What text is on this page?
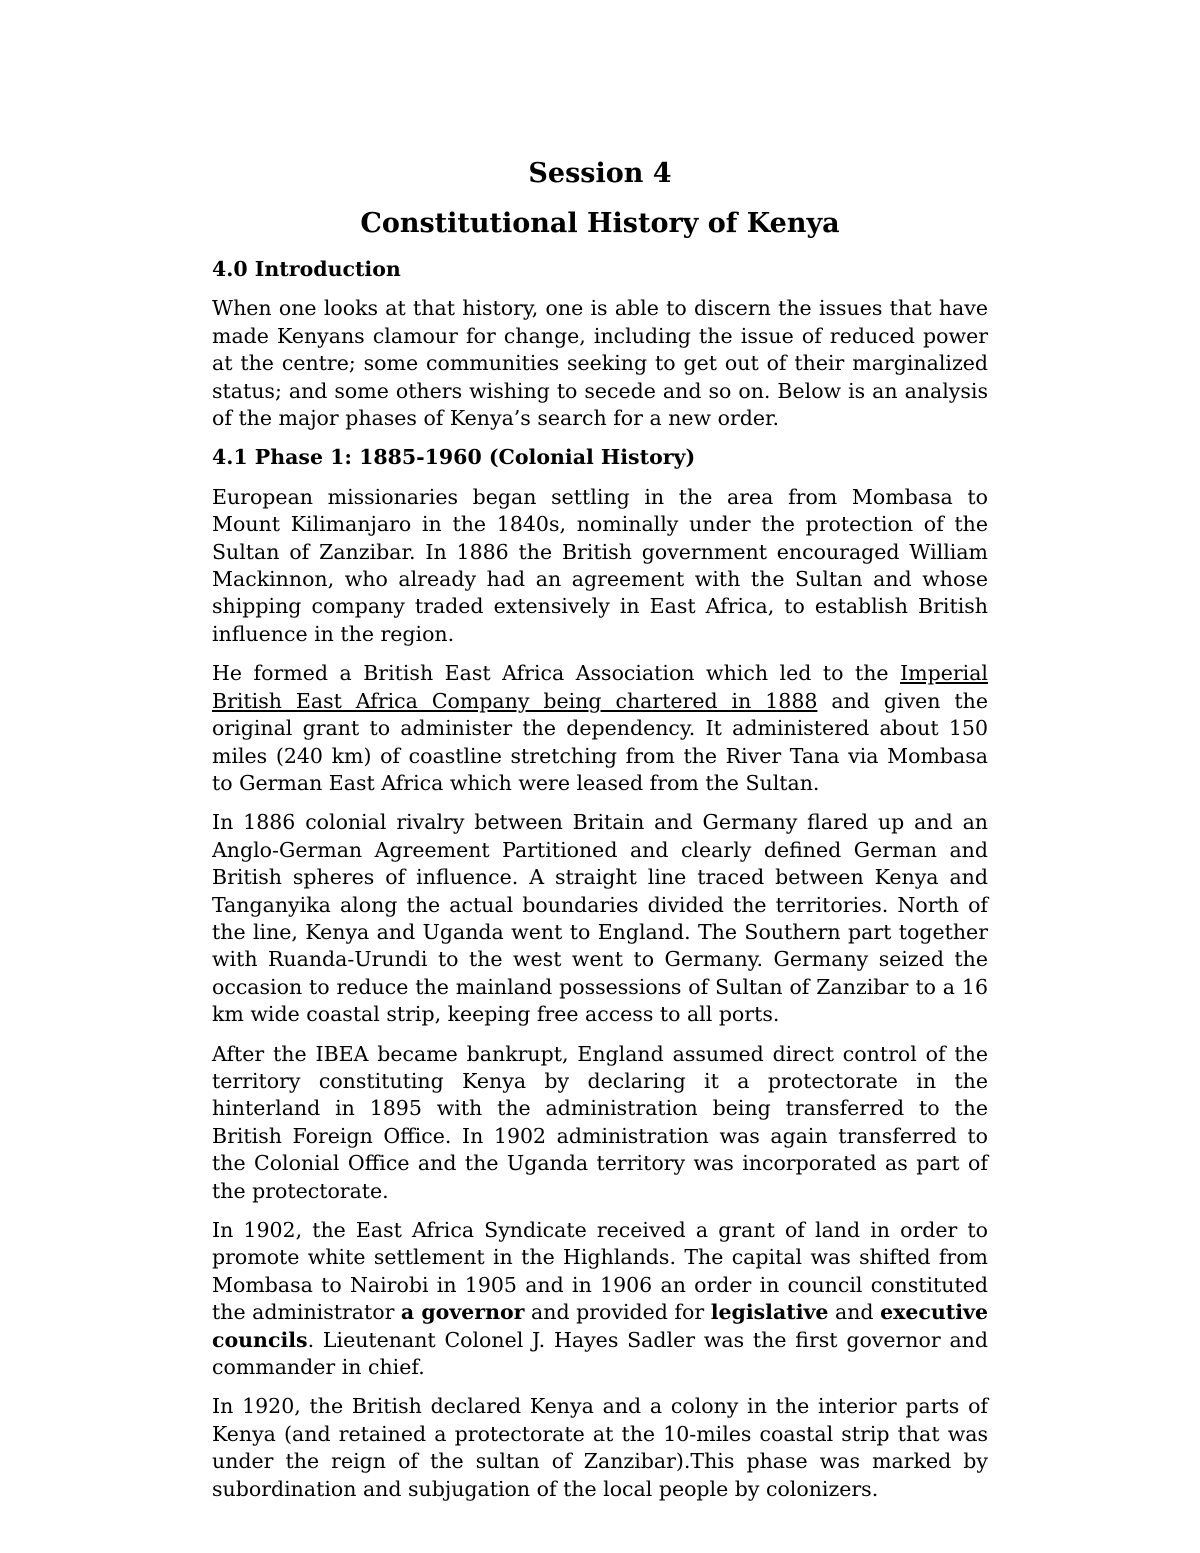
Session 4
Constitutional History of Kenya
4.0 Introduction

When one looks at that history, one is able to discern the issues that have made Kenyans clamour for change, including the issue of reduced power at the centre; some communities seeking to get out of their marginalized status; and some others wishing to secede and so on. Below is an analysis of the major phases of Kenya’s search for a new order.

4.1 Phase 1: 1885-1960 (Colonial History)

European missionaries began settling in the area from Mombasa to Mount Kilimanjaro in the 1840s, nominally under the protection of the Sultan of Zanzibar. In 1886 the British government encouraged William Mackinnon, who already had an agreement with the Sultan and whose shipping company traded extensively in East Africa, to establish British influence in the region.

He formed a British East Africa Association which led to the Imperial British East Africa Company being chartered in 1888 and given the original grant to administer the dependency. It administered about 150 miles (240 km) of coastline stretching from the River Tana via Mombasa to German East Africa which were leased from the Sultan.

In 1886 colonial rivalry between Britain and Germany flared up and an Anglo-German Agreement Partitioned and clearly defined German and British spheres of influence. A straight line traced between Kenya and Tanganyika along the actual boundaries divided the territories. North of the line, Kenya and Uganda went to England. The Southern part together with Ruanda-Urundi to the west went to Germany. Germany seized the occasion to reduce the mainland possessions of Sultan of Zanzibar to a 16 km wide coastal strip, keeping free access to all ports.

After the IBEA became bankrupt, England assumed direct control of the territory constituting Kenya by declaring it a protectorate in the hinterland in 1895 with the administration being transferred to the British Foreign Office. In 1902 administration was again transferred to the Colonial Office and the Uganda territory was incorporated as part of the protectorate.

In 1902, the East Africa Syndicate received a grant of land in order to promote white settlement in the Highlands. The capital was shifted from Mombasa to Nairobi in 1905 and in 1906 an order in council constituted the administrator a governor and provided for legislative and executive councils. Lieutenant Colonel J. Hayes Sadler was the first governor and commander in chief.

In 1920, the British declared Kenya and a colony in the interior parts of Kenya (and retained a protectorate at the 10-miles coastal strip that was under the reign of the sultan of Zanzibar).This phase was marked by subordination and subjugation of the local people by colonizers.
